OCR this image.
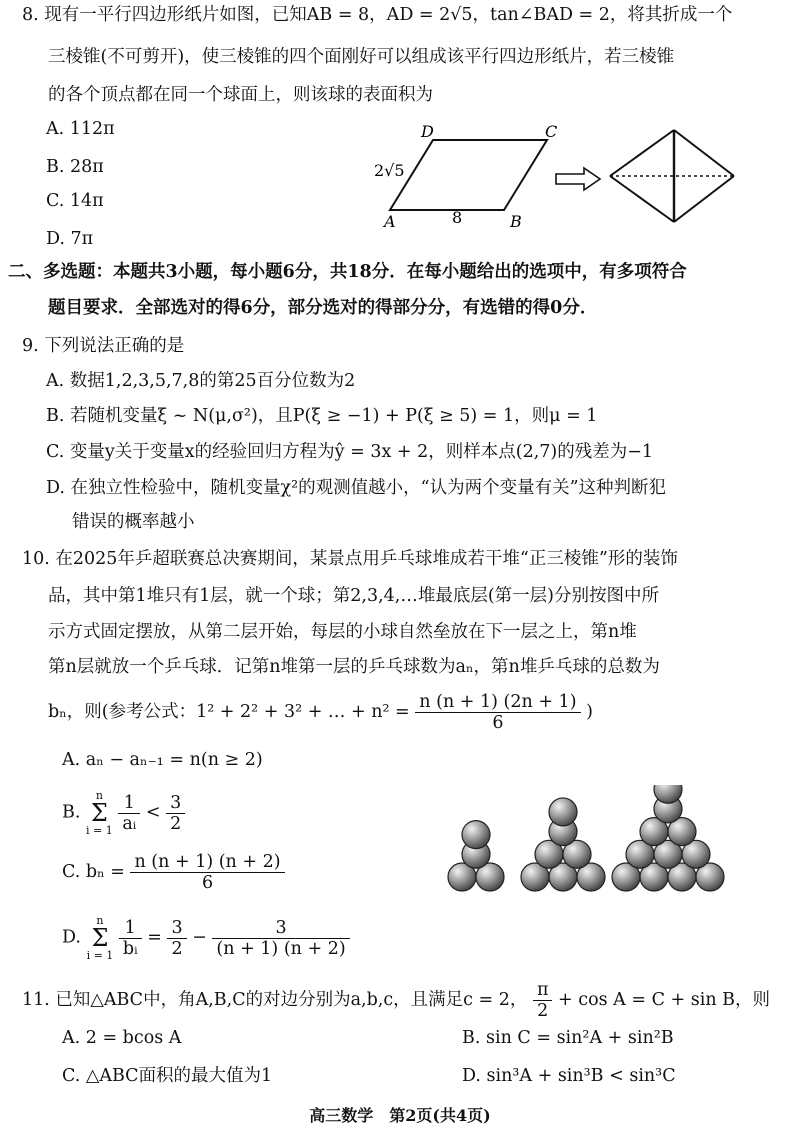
8. 现有一平行四边形纸片如图，已知AB = 8，AD = 2√5，tan∠BAD = 2，将其折成一个
三棱锥(不可剪开)，使三棱锥的四个面刚好可以组成该平行四边形纸片，若三棱锥
的各个顶点都在同一个球面上，则该球的表面积为
A. 112π
B. 28π
C. 14π
D. 7π
D	C
A	B
2√5
8
二、多选题：本题共3小题，每小题6分，共18分．在每小题给出的选项中，有多项符合
题目要求．全部选对的得6分，部分选对的得部分分，有选错的得0分．
9. 下列说法正确的是
A. 数据1,2,3,5,7,8的第25百分位数为2
B. 若随机变量ξ ~ N(μ,σ²)，且P(ξ ≥ −1) + P(ξ ≥ 5) = 1，则μ = 1
C. 变量y关于变量x的经验回归方程为ŷ = 3x + 2，则样本点(2,7)的残差为−1
D. 在独立性检验中，随机变量χ²的观测值越小，“认为两个变量有关”这种判断犯
错误的概率越小
10. 在2025年乒超联赛总决赛期间，某景点用乒乓球堆成若干堆“正三棱锥”形的装饰
品，其中第1堆只有1层，就一个球；第2,3,4,…堆最底层(第一层)分别按图中所
示方式固定摆放，从第二层开始，每层的小球自然垒放在下一层之上，第n堆
第n层就放一个乒乓球．记第n堆第一层的乒乓球数为aₙ，第n堆乒乓球的总数为
bₙ，则(参考公式：1² + 2² + 3² + … + $n^2 = \frac{n (n + 1) (2n + 1)}{6}$ )
A. aₙ − aₙ₋₁ = n(n ≥ 2)
B. n
Σ
$i = 1 \frac{1}{\text{aᵢ}} < \frac{3}{2}$
C. $b_n = \frac{n (n + 1) (n + 2)}{6}$
D. n
Σ
$i = 1 \frac{1}{\text{bᵢ}} = \frac{3}{2} - \frac{3}{(n + 1) (n + 2)}$
11. 已知△ABC中，角A,B,C的对边分别为a,b,c，且满足c = 2， $\frac{\pi}{2} + \cos A = C + \sin B$，则
A. 2 = bcos A	B. sin C = sin²A + sin²B
C. △ABC面积的最大值为1	D. sin³A + sin³B < sin³C
高三数学　第2页(共4页)
